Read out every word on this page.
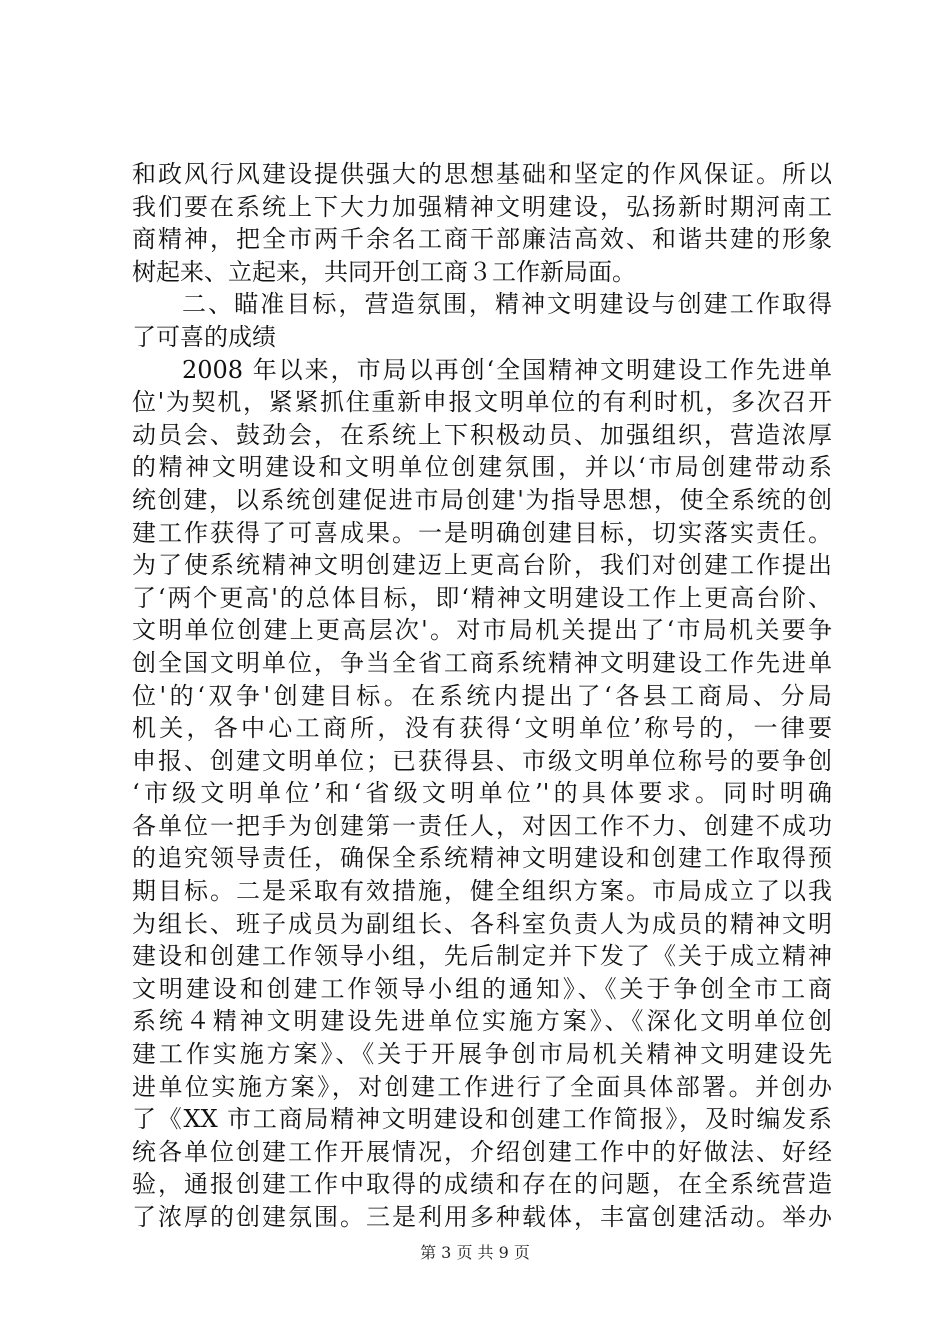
和政风行风建设提供强大的思想基础和坚定的作风保证。所以
我们要在系统上下大力加强精神文明建设，弘扬新时期河南工
商精神，把全市两千余名工商干部廉洁高效、和谐共建的形象
树起来、立起来，共同开创工商３工作新局面。
二、瞄准目标，营造氛围，精神文明建设与创建工作取得
了可喜的成绩
2008 年以来，市局以再创‘全国精神文明建设工作先进单
位'为契机，紧紧抓住重新申报文明单位的有利时机，多次召开
动员会、鼓劲会，在系统上下积极动员、加强组织，营造浓厚
的精神文明建设和文明单位创建氛围，并以‘市局创建带动系
统创建，以系统创建促进市局创建'为指导思想，使全系统的创
建工作获得了可喜成果。一是明确创建目标，切实落实责任。
为了使系统精神文明创建迈上更高台阶，我们对创建工作提出
了‘两个更高'的总体目标，即‘精神文明建设工作上更高台阶、
文明单位创建上更高层次'。对市局机关提出了‘市局机关要争
创全国文明单位，争当全省工商系统精神文明建设工作先进单
位'的‘双争'创建目标。在系统内提出了‘各县工商局、分局
机关，各中心工商所，没有获得‘文明单位’称号的，一律要
申报、创建文明单位；已获得县、市级文明单位称号的要争创
‘市级文明单位’和‘省级文明单位’'的具体要求。同时明确
各单位一把手为创建第一责任人，对因工作不力、创建不成功
的追究领导责任，确保全系统精神文明建设和创建工作取得预
期目标。二是采取有效措施，健全组织方案。市局成立了以我
为组长、班子成员为副组长、各科室负责人为成员的精神文明
建设和创建工作领导小组，先后制定并下发了《关于成立精神
文明建设和创建工作领导小组的通知》、《关于争创全市工商
系统４精神文明建设先进单位实施方案》、《深化文明单位创
建工作实施方案》、《关于开展争创市局机关精神文明建设先
进单位实施方案》，对创建工作进行了全面具体部署。并创办
了《XX 市工商局精神文明建设和创建工作简报》，及时编发系
统各单位创建工作开展情况，介绍创建工作中的好做法、好经
验，通报创建工作中取得的成绩和存在的问题，在全系统营造
了浓厚的创建氛围。三是利用多种载体，丰富创建活动。举办
第 3 页 共 9 页
